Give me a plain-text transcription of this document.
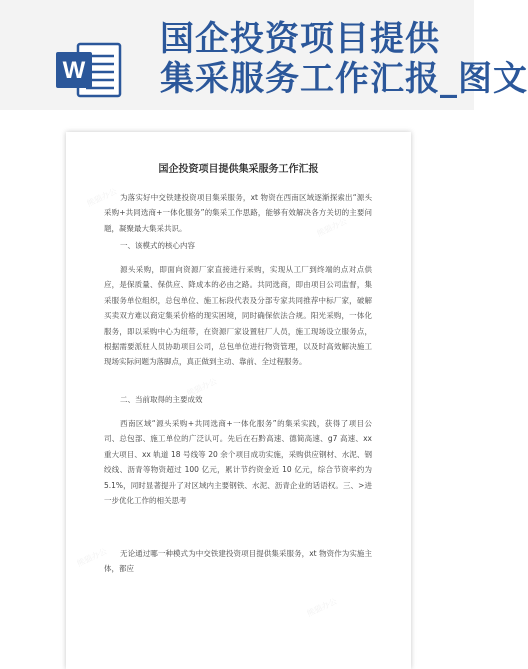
W
国企投资项目提供
集采服务工作汇报_图文
熊猫办公
熊猫办公
熊猫办公
熊猫办公
熊猫办公
国企投资项目提供集采服务工作汇报

为落实好中交铁建投资项目集采服务，xt 物资在西南区域逐渐探索出“源头采购+共同选商+一体化服务”的集采工作思路，能够有效解决各方关切的主要问题，凝聚最大集采共识。

一、该模式的核心内容

源头采购，即面向资源厂家直接进行采购，实现从工厂到终端的点对点供应，是保质量、保供应、降成本的必由之路。共同选商，即由项目公司监督，集采服务单位组织，总包单位、施工标段代表及分部专家共同推荐中标厂家，破解买卖双方难以商定集采价格的现实困境，同时确保依法合规。阳光采购，一体化服务，即以采购中心为纽带，在资源厂家设置驻厂人员，施工现场设立服务点，根据需要派驻人员协助项目公司，总包单位进行物资管理，以及时高效解决施工现场实际问题为落脚点，真正做到主动、靠前、全过程服务。

二、当前取得的主要成效

西南区域“源头采购+共同选商+一体化服务”的集采实践，获得了项目公司、总包部、施工单位的广泛认可。先后在石黔高速、德简高速、g7 高速、xx 重大项目、xx 轨道 18 号线等 20 余个项目成功实施，采购供应钢材、水泥、钢绞线、沥青等物资超过 100 亿元，累计节约资金近 10 亿元，综合节资率约为 5.1%，同时显著提升了对区域内主要钢铁、水泥、沥青企业的话语权。三、>进一步优化工作的相关思考

无论通过哪一种模式为中交铁建投资项目提供集采服务，xt 物资作为实施主体，都应
